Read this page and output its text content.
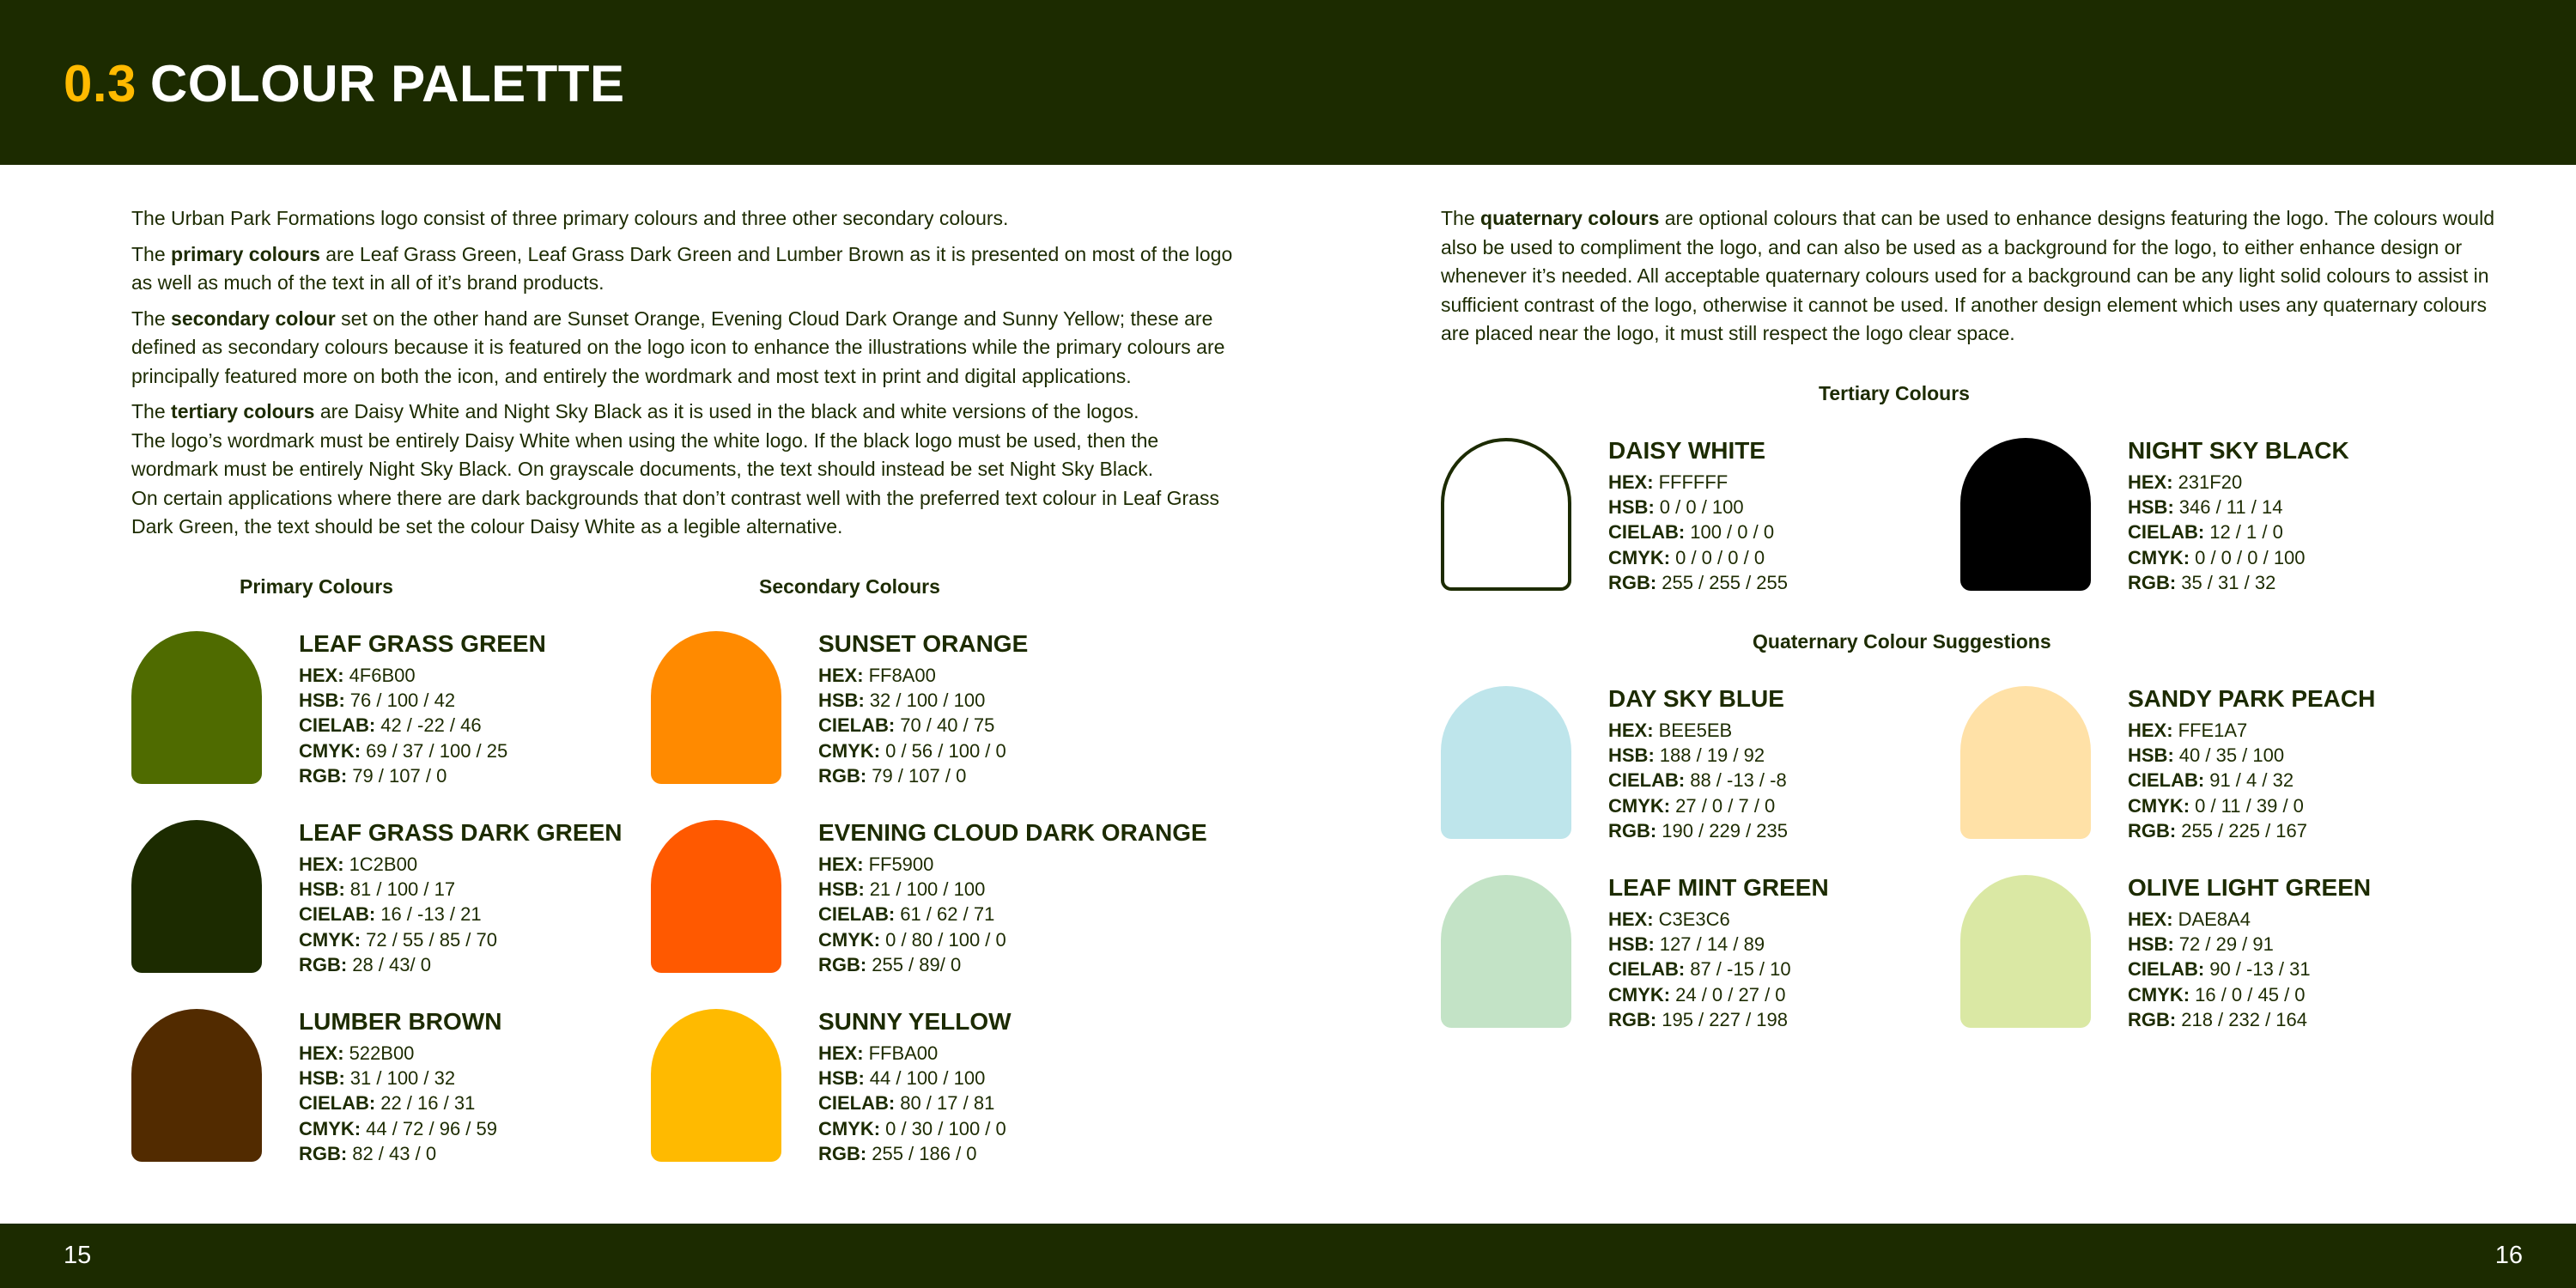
0.3 COLOUR PALETTE

The Urban Park Formations logo consist of three primary colours and three other secondary colours.

The primary colours are Leaf Grass Green, Leaf Grass Dark Green and Lumber Brown as it is presented on most of the logo as well as much of the text in all of it’s brand products.

The secondary colour set on the other hand are Sunset Orange, Evening Cloud Dark Orange and Sunny Yellow; these are defined as secondary colours because it is featured on the logo icon to enhance the illustrations while the primary colours are principally featured more on both the icon, and entirely the wordmark and most text in print and digital applications.

The tertiary colours are Daisy White and Night Sky Black as it is used in the black and white versions of the logos.

The logo’s wordmark must be entirely Daisy White when using the white logo. If the black logo must be used, then the wordmark must be entirely Night Sky Black. On grayscale documents, the text should instead be set Night Sky Black.

On certain applications where there are dark backgrounds that don’t contrast well with the preferred text colour in Leaf Grass Dark Green, the text should be set the colour Daisy White as a legible alternative.

The quaternary colours are optional colours that can be used to enhance designs featuring the logo. The colours would also be used to compliment the logo, and can also be used as a background for the logo, to either enhance design or whenever it’s needed. All acceptable quaternary colours used for a background can be any light solid colours to assist in sufficient contrast of the logo, otherwise it cannot be used. If another design element which uses any quaternary colours are placed near the logo, it must still respect the logo clear space.

Primary Colours	Secondary Colours
Tertiary Colours
Quaternary Colour Suggestions
LEAF GRASS GREEN
HEX: 4F6B00
HSB: 76 / 100 / 42
CIELAB: 42 / -22 / 46
CMYK: 69 / 37 / 100 / 25
RGB: 79 / 107 / 0
LEAF GRASS DARK GREEN
HEX: 1C2B00
HSB: 81 / 100 / 17
CIELAB: 16 / -13 / 21
CMYK: 72 / 55 / 85 / 70
RGB: 28 / 43/ 0
LUMBER BROWN
HEX: 522B00
HSB: 31 / 100 / 32
CIELAB: 22 / 16 / 31
CMYK: 44 / 72 / 96 / 59
RGB: 82 / 43 / 0
SUNSET ORANGE
HEX: FF8A00
HSB: 32 / 100 / 100
CIELAB: 70 / 40 / 75
CMYK: 0 / 56 / 100 / 0
RGB: 79 / 107 / 0
EVENING CLOUD DARK ORANGE
HEX: FF5900
HSB: 21 / 100 / 100
CIELAB: 61 / 62 / 71
CMYK: 0 / 80 / 100 / 0
RGB: 255 / 89/ 0
SUNNY YELLOW
HEX: FFBA00
HSB: 44 / 100 / 100
CIELAB: 80 / 17 / 81
CMYK: 0 / 30 / 100 / 0
RGB: 255 / 186 / 0
DAISY WHITE
HEX: FFFFFF
HSB: 0 / 0 / 100
CIELAB: 100 / 0 / 0
CMYK: 0 / 0 / 0 / 0
RGB: 255 / 255 / 255
NIGHT SKY BLACK
HEX: 231F20
HSB: 346 / 11 / 14
CIELAB: 12 / 1 / 0
CMYK: 0 / 0 / 0 / 100
RGB: 35 / 31 / 32
DAY SKY BLUE
HEX: BEE5EB
HSB: 188 / 19 / 92
CIELAB: 88 / -13 / -8
CMYK: 27 / 0 / 7 / 0
RGB: 190 / 229 / 235
SANDY PARK PEACH
HEX: FFE1A7
HSB: 40 / 35 / 100
CIELAB: 91 / 4 / 32
CMYK: 0 / 11 / 39 / 0
RGB: 255 / 225 / 167
LEAF MINT GREEN
HEX: C3E3C6
HSB: 127 / 14 / 89
CIELAB: 87 / -15 / 10
CMYK: 24 / 0 / 27 / 0
RGB: 195 / 227 / 198
OLIVE LIGHT GREEN
HEX: DAE8A4
HSB: 72 / 29 / 91
CIELAB: 90 / -13 / 31
CMYK: 16 / 0 / 45 / 0
RGB: 218 / 232 / 164
15	16
